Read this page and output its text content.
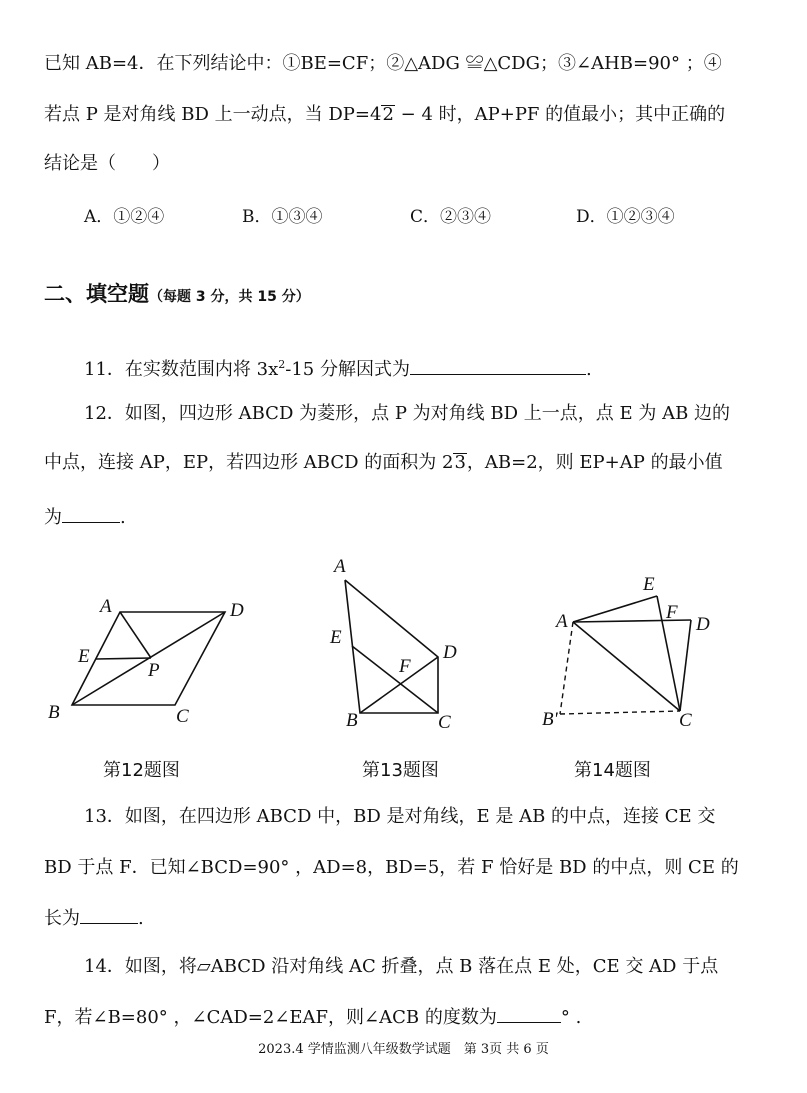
已知 AB=4．在下列结论中：①BE=CF；②△ADG ≌△CDG；③∠AHB=90° ；④
若点 P 是对角线 BD 上一动点，当 DP=42 − 4 时，AP+PF 的值最小；其中正确的
结论是（　　）
A．①②④	B．①③④	C．②③④	D．①②③④
二、填空题（每题 3 分，共 15 分）
11．在实数范围内将 $3x^2-15$ 分解因式为	.
12．如图，四边形 ABCD 为菱形，点 P 为对角线 BD 上一点，点 E 为 AB 边的
中点，连接 AP，EP，若四边形 ABCD 的面积为 23，AB=2，则 EP+AP 的最小值
为	.
A	D
E
P
B	C
A
E
D
F
B	C
E
A	F
D
B'	C
第12题图	第13题图	第14题图
13．如图，在四边形 ABCD 中，BD 是对角线，E 是 AB 的中点，连接 CE 交
BD 于点 F．已知∠BCD=90° ，AD=8，BD=5，若 F 恰好是 BD 的中点，则 CE 的
长为	.
14．如图，将▱ABCD 沿对角线 AC 折叠，点 B 落在点 E 处，CE 交 AD 于点
F，若∠B=80° ，∠CAD=2∠EAF，则∠ACB 的度数为	° .
2023.4 学情监测八年级数学试题　第 3页 共 6 页
